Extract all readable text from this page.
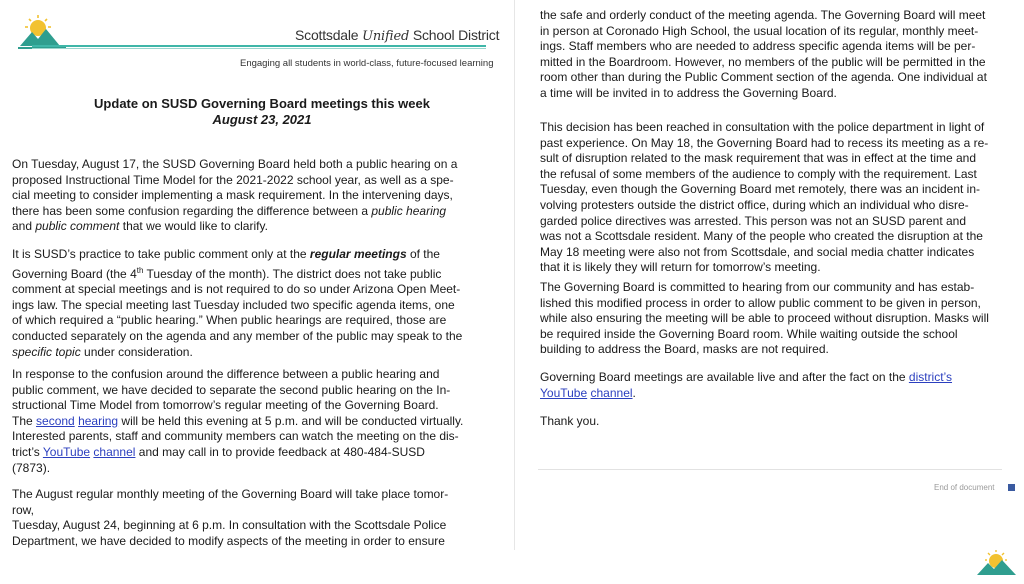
Scottsdale Unified School District
Engaging all students in world-class, future-focused learning
Update on SUSD Governing Board meetings this week
August 23, 2021

On Tuesday, August 17, the SUSD Governing Board held both a public hearing on a

proposed Instructional Time Model for the 2021-2022 school year, as well as a spe-

cial meeting to consider implementing a mask requirement. In the intervening days,

there has been some confusion regarding the difference between a public hearing

and public comment that we would like to clarify.

It is SUSD’s practice to take public comment only at the regular meetings of the

Governing Board (the 4th Tuesday of the month). The district does not take public

comment at special meetings and is not required to do so under Arizona Open Meet-

ings law. The special meeting last Tuesday included two specific agenda items, one

of which required a “public hearing.” When public hearings are required, those are

conducted separately on the agenda and any member of the public may speak to the

specific topic under consideration.

In response to the confusion around the difference between a public hearing and

public comment, we have decided to separate the second public hearing on the In-

structional Time Model from tomorrow’s regular meeting of the Governing Board.

The second hearing will be held this evening at 5 p.m. and will be conducted virtually.

Interested parents, staff and community members can watch the meeting on the dis-

trict’s YouTube channel and may call in to provide feedback at 480-484-SUSD

(7873).

The August regular monthly meeting of the Governing Board will take place tomor-

row,

Tuesday, August 24, beginning at 6 p.m. In consultation with the Scottsdale Police

Department, we have decided to modify aspects of the meeting in order to ensure

the safe and orderly conduct of the meeting agenda. The Governing Board will meet

in person at Coronado High School, the usual location of its regular, monthly meet-

ings. Staff members who are needed to address specific agenda items will be per-

mitted in the Boardroom. However, no members of the public will be permitted in the

room other than during the Public Comment section of the agenda. One individual at

a time will be invited in to address the Governing Board.

This decision has been reached in consultation with the police department in light of

past experience. On May 18, the Governing Board had to recess its meeting as a re-

sult of disruption related to the mask requirement that was in effect at the time and

the refusal of some members of the audience to comply with the requirement. Last

Tuesday, even though the Governing Board met remotely, there was an incident in-

volving protesters outside the district office, during which an individual who disre-

garded police directives was arrested. This person was not an SUSD parent and

was not a Scottsdale resident. Many of the people who created the disruption at the

May 18 meeting were also not from Scottsdale, and social media chatter indicates

that it is likely they will return for tomorrow’s meeting.

The Governing Board is committed to hearing from our community and has estab-

lished this modified process in order to allow public comment to be given in person,

while also ensuring the meeting will be able to proceed without disruption. Masks will

be required inside the Governing Board room. While waiting outside the school

building to address the Board, masks are not required.

Governing Board meetings are available live and after the fact on the district’s

YouTube channel.

Thank you.

End of document
